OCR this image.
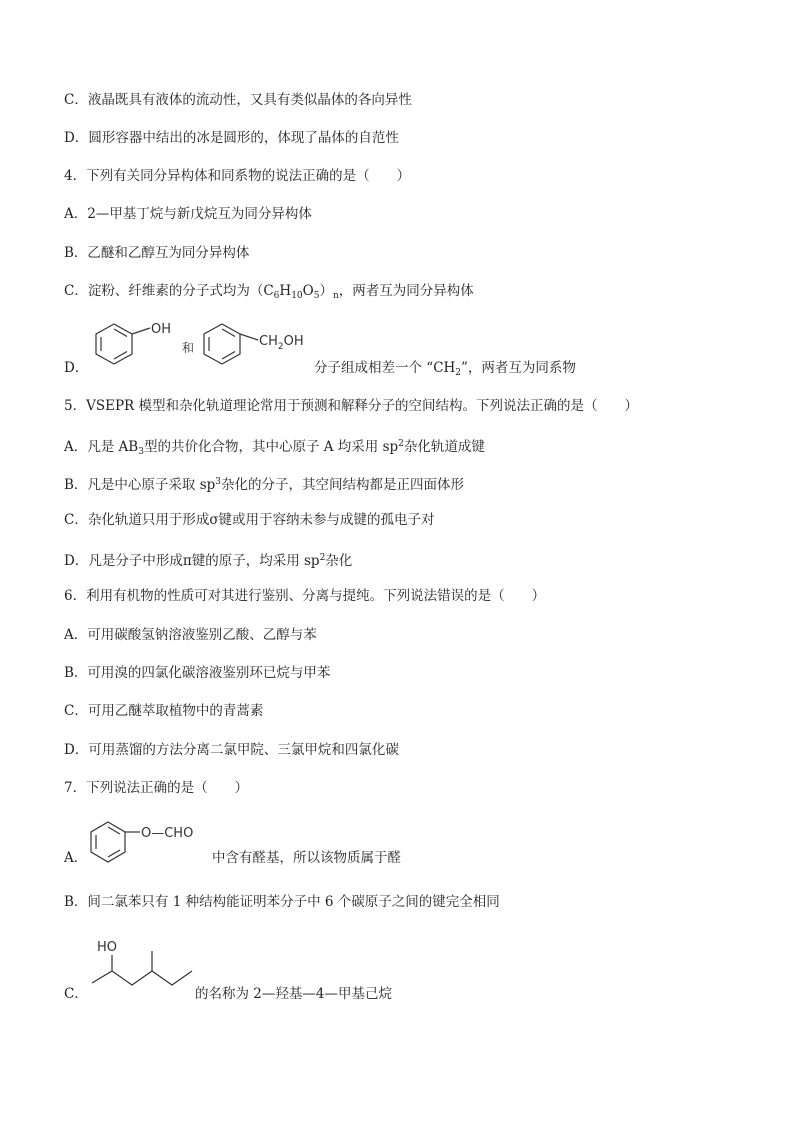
C．液晶既具有液体的流动性，又具有类似晶体的各向异性
D．圆形容器中结出的冰是圆形的，体现了晶体的自范性
4．下列有关同分异构体和同系物的说法正确的是（　　）
A．2—甲基丁烷与新戊烷互为同分异构体
B．乙醚和乙醇互为同分异构体
C．淀粉、纤维素的分子式均为$(C_6H_{10}O_5)_n$，两者互为同分异构体
D．
OH
和	$CH_2OH$
分子组成相差一个 “$CH_2$”，两者互为同系物
5．VSEPR 模型和杂化轨道理论常用于预测和解释分子的空间结构。下列说法正确的是（　　）
A．凡是 $AB_3$型的共价化合物，其中心原子 A 均采用 $sp^2$杂化轨道成键
B．凡是中心原子采取 $sp^3$杂化的分子，其空间结构都是正四面体形
C．杂化轨道只用于形成σ键或用于容纳未参与成键的孤电子对
D．凡是分子中形成π键的原子，均采用 $sp^2$杂化
6．利用有机物的性质可对其进行鉴别、分离与提纯。下列说法错误的是（　　）
A．可用碳酸氢钠溶液鉴别乙酸、乙醇与苯
B．可用溴的四氯化碳溶液鉴别环已烷与甲苯
C．可用乙醚萃取植物中的青蒿素
D．可用蒸馏的方法分离二氯甲院、三氯甲烷和四氯化碳
7．下列说法正确的是（　　）
A．
O—CHO
中含有醛基，所以该物质属于醛
B．间二氯苯只有 1 种结构能证明苯分子中 6 个碳原子之间的键完全相同
C．
HO
的名称为 2—羟基—4—甲基己烷
